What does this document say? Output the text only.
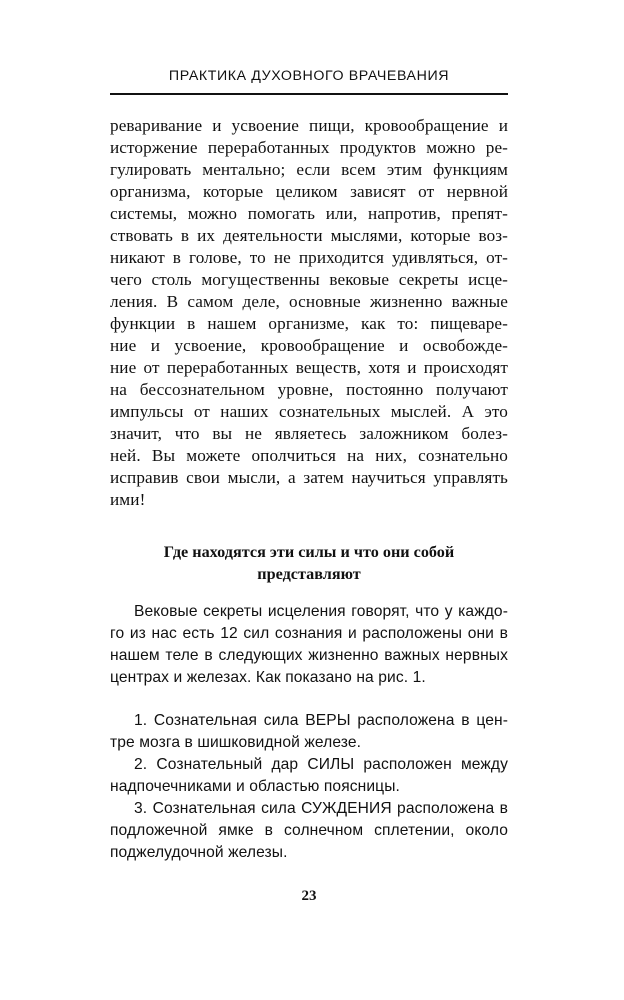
ПРАКТИКА ДУХОВНОГО ВРАЧЕВАНИЯ
реваривание и усвоение пищи, кровообращение и
исторжение переработанных продуктов можно ре-
гулировать ментально; если всем этим функциям
организма, которые целиком зависят от нервной
системы, можно помогать или, напротив, препят-
ствовать в их деятельности мыслями, которые воз-
никают в голове, то не приходится удивляться, от-
чего столь могущественны вековые секреты исце-
ления. В самом деле, основные жизненно важные
функции в нашем организме, как то: пищеваре-
ние и усвоение, кровообращение и освобожде-
ние от переработанных веществ, хотя и происходят
на бессознательном уровне, постоянно получают
импульсы от наших сознательных мыслей. А это
значит, что вы не являетесь заложником болез-
ней. Вы можете ополчиться на них, сознательно
исправив свои мысли, а затем научиться управлять
ими!
Где находятся эти силы и что они собой
представляют
Вековые секреты исцеления говорят, что у каждо-
го из нас есть 12 сил сознания и расположены они в
нашем теле в следующих жизненно важных нервных
центрах и железах. Как показано на рис. 1.
1. Сознательная сила ВЕРЫ расположена в цен-
тре мозга в шишковидной железе.
2. Сознательный дар СИЛЫ расположен между
надпочечниками и областью поясницы.
3. Сознательная сила СУЖДЕНИЯ расположена в
подложечной ямке в солнечном сплетении, около
поджелудочной железы.
23
